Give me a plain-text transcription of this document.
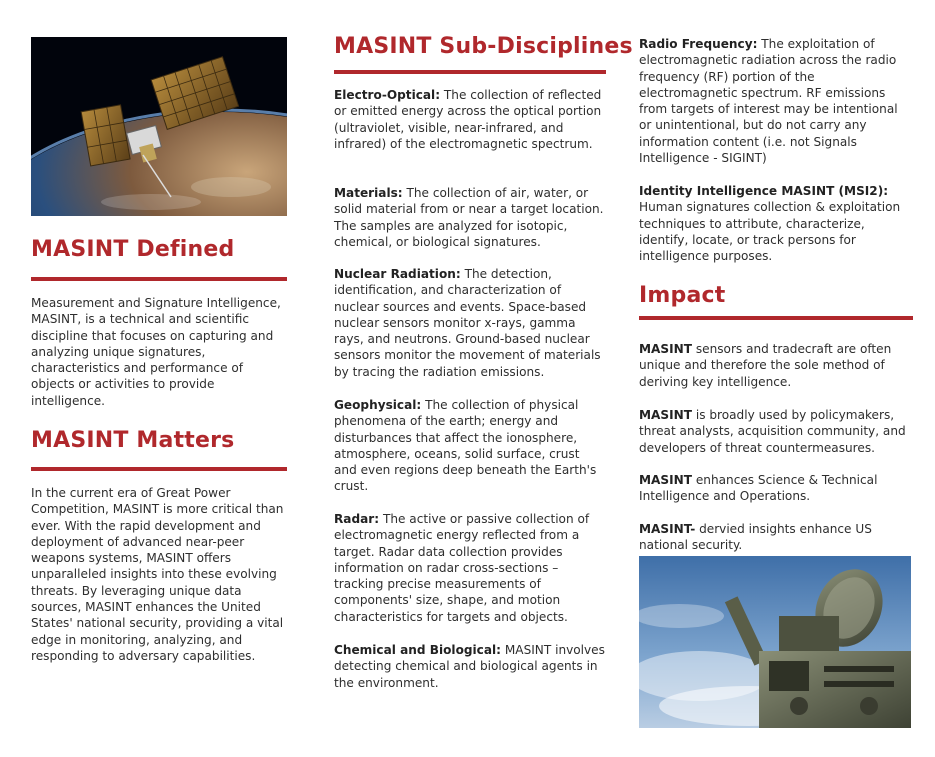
MASINT Defined

Measurement and Signature Intelligence, MASINT, is a technical and scientific discipline that focuses on capturing and analyzing unique signatures, characteristics and performance of objects or activities to provide intelligence.

MASINT Matters

In the current era of Great Power Competition, MASINT is more critical than ever. With the rapid development and deployment of advanced near-peer weapons systems, MASINT offers unparalleled insights into these evolving threats. By leveraging unique data sources, MASINT enhances the United States' national security, providing a vital edge in monitoring, analyzing, and responding to adversary capabilities.

MASINT Sub-Disciplines

Electro-Optical: The collection of reflected or emitted energy across the optical portion (ultraviolet, visible, near-infrared, and infrared) of the electromagnetic spectrum.

Materials: The collection of air, water, or solid material from or near a target location. The samples are analyzed for isotopic, chemical, or biological signatures.

Nuclear Radiation: The detection, identification, and characterization of nuclear sources and events. Space-based nuclear sensors monitor x-rays, gamma rays, and neutrons. Ground-based nuclear sensors monitor the movement of materials by tracing the radiation emissions.

Geophysical: The collection of physical phenomena of the earth; energy and disturbances that affect the ionosphere, atmosphere, oceans, solid surface, crust and even regions deep beneath the Earth's crust.

Radar: The active or passive collection of electromagnetic energy reflected from a target. Radar data collection provides information on radar cross-sections – tracking precise measurements of components' size, shape, and motion characteristics for targets and objects.

Chemical and Biological: MASINT involves detecting chemical and biological agents in the environment.

Radio Frequency: The exploitation of electromagnetic radiation across the radio frequency (RF) portion of the electromagnetic spectrum. RF emissions from targets of interest may be intentional or unintentional, but do not carry any information content (i.e. not Signals Intelligence - SIGINT)

Identity Intelligence MASINT (MSI2): Human signatures collection & exploitation techniques to attribute, characterize, identify, locate, or track persons for intelligence purposes.

Impact

MASINT sensors and tradecraft are often unique and therefore the sole method of deriving key intelligence.

MASINT is broadly used by policymakers, threat analysts, acquisition community, and developers of threat countermeasures.

MASINT enhances Science & Technical Intelligence and Operations.

MASINT- dervied insights enhance US national security.
